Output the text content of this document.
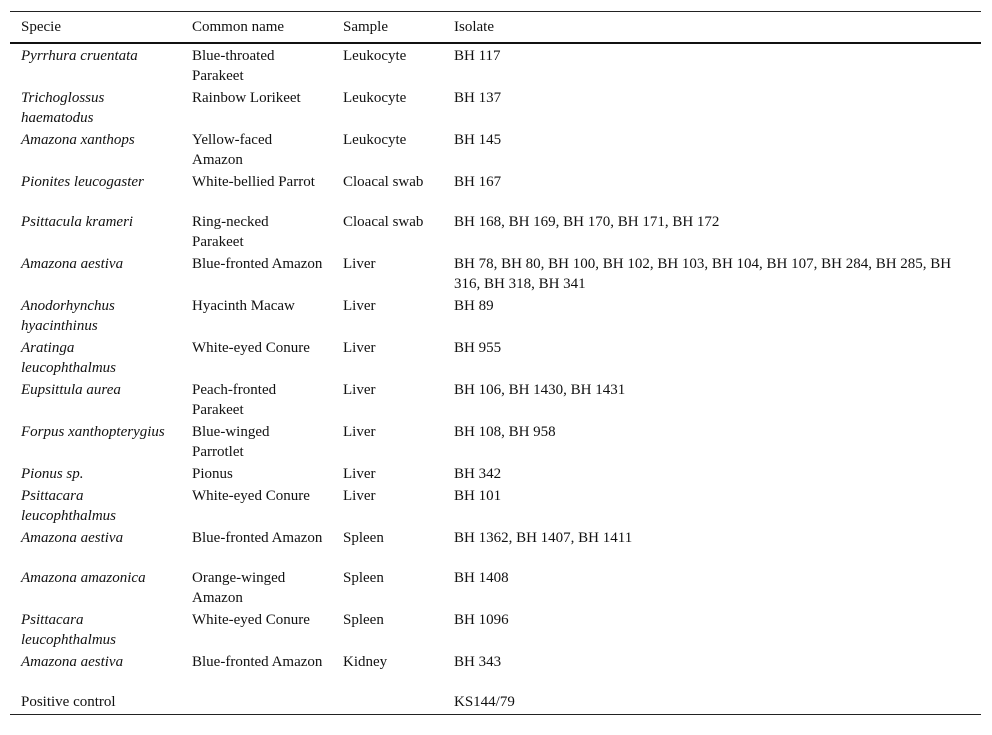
Specie	Common name	Sample	Isolate
Pyrrhura cruentata	Blue-throated Parakeet	Leukocyte	BH 117
Trichoglossus haematodus	Rainbow Lorikeet	Leukocyte	BH 137
Amazona xanthops	Yellow-faced Amazon	Leukocyte	BH 145
Pionites leucogaster	White-bellied Parrot	Cloacal swab	BH 167
Psittacula krameri	Ring-necked Parakeet	Cloacal swab	BH 168, BH 169, BH 170, BH 171, BH 172
Amazona aestiva	Blue-fronted Amazon	Liver	BH 78, BH 80, BH 100, BH 102, BH 103, BH 104, BH 107, BH 284, BH 285, BH 316, BH 318, BH 341
Anodorhynchus hyacinthinus	Hyacinth Macaw	Liver	BH 89
Aratinga leucophthalmus	White-eyed Conure	Liver	BH 955
Eupsittula aurea	Peach-fronted Parakeet	Liver	BH 106, BH 1430, BH 1431
Forpus xanthopterygius	Blue-winged Parrotlet	Liver	BH 108, BH 958
Pionus sp.	Pionus	Liver	BH 342
Psittacara leucophthalmus	White-eyed Conure	Liver	BH 101
Amazona aestiva	Blue-fronted Amazon	Spleen	BH 1362, BH 1407, BH 1411
Amazona amazonica	Orange-winged Amazon	Spleen	BH 1408
Psittacara leucophthalmus	White-eyed Conure	Spleen	BH 1096
Amazona aestiva	Blue-fronted Amazon	Kidney	BH 343
Positive control			KS144/79
